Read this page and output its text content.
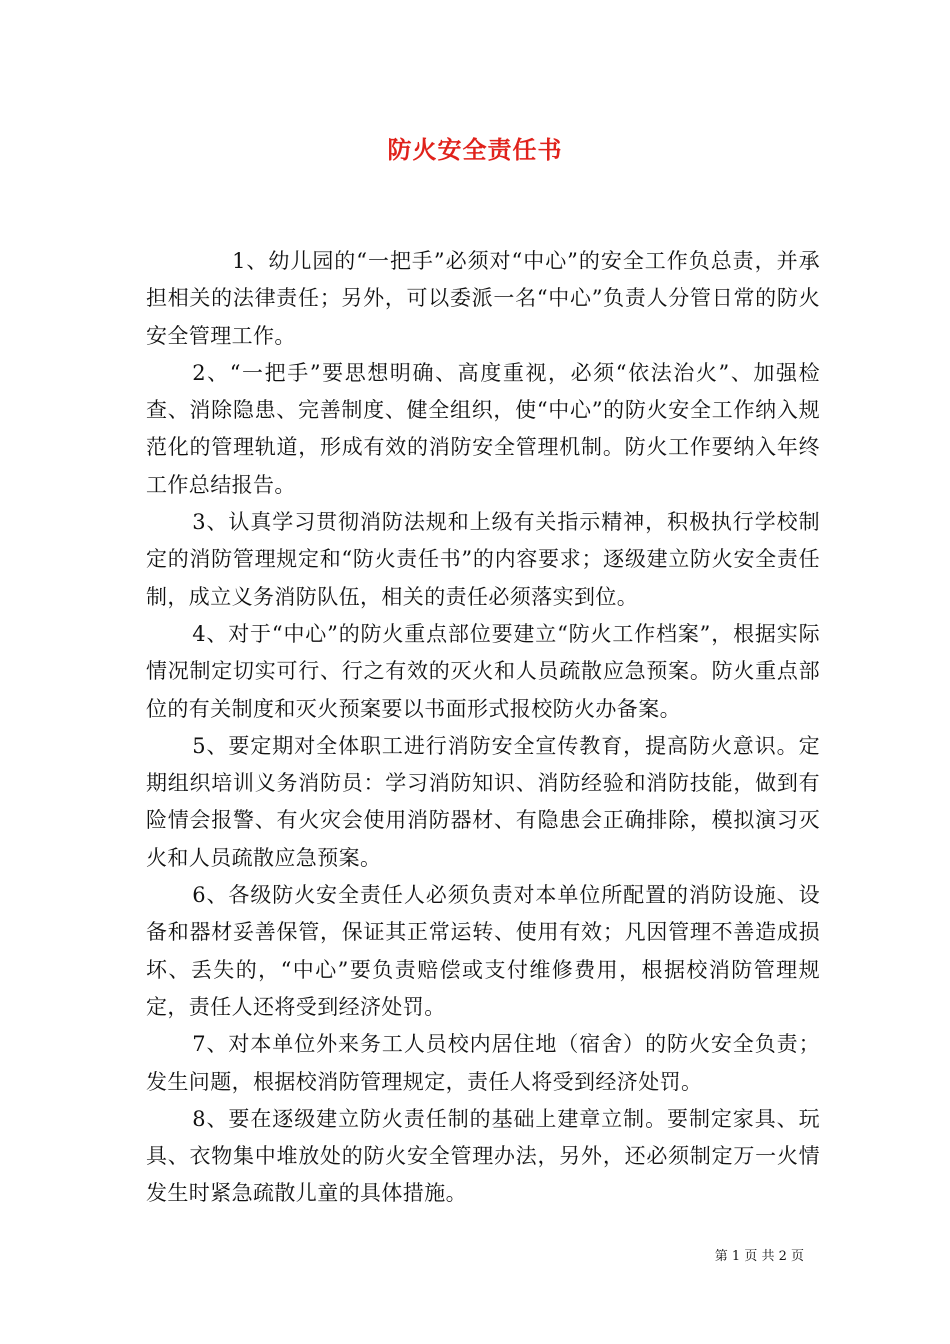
防火安全责任书

1、幼儿园的“一把手”必须对“中心”的安全工作负总责，并承担相关的法律责任；另外，可以委派一名“中心”负责人分管日常的防火安全管理工作。

2、“一把手”要思想明确、高度重视，必须“依法治火”、加强检查、消除隐患、完善制度、健全组织，使“中心”的防火安全工作纳入规范化的管理轨道，形成有效的消防安全管理机制。防火工作要纳入年终工作总结报告。

3、认真学习贯彻消防法规和上级有关指示精神，积极执行学校制定的消防管理规定和“防火责任书”的内容要求；逐级建立防火安全责任制，成立义务消防队伍，相关的责任必须落实到位。

4、对于“中心”的防火重点部位要建立“防火工作档案”，根据实际情况制定切实可行、行之有效的灭火和人员疏散应急预案。防火重点部位的有关制度和灭火预案要以书面形式报校防火办备案。

5、要定期对全体职工进行消防安全宣传教育，提高防火意识。定期组织培训义务消防员：学习消防知识、消防经验和消防技能，做到有险情会报警、有火灾会使用消防器材、有隐患会正确排除，模拟演习灭火和人员疏散应急预案。

6、各级防火安全责任人必须负责对本单位所配置的消防设施、设备和器材妥善保管，保证其正常运转、使用有效；凡因管理不善造成损坏、丢失的，“中心”要负责赔偿或支付维修费用，根据校消防管理规定，责任人还将受到经济处罚。

7、对本单位外来务工人员校内居住地（宿舍）的防火安全负责；发生问题，根据校消防管理规定，责任人将受到经济处罚。

8、要在逐级建立防火责任制的基础上建章立制。要制定家具、玩具、衣物集中堆放处的防火安全管理办法，另外，还必须制定万一火情发生时紧急疏散儿童的具体措施。

第 1 页 共 2 页
